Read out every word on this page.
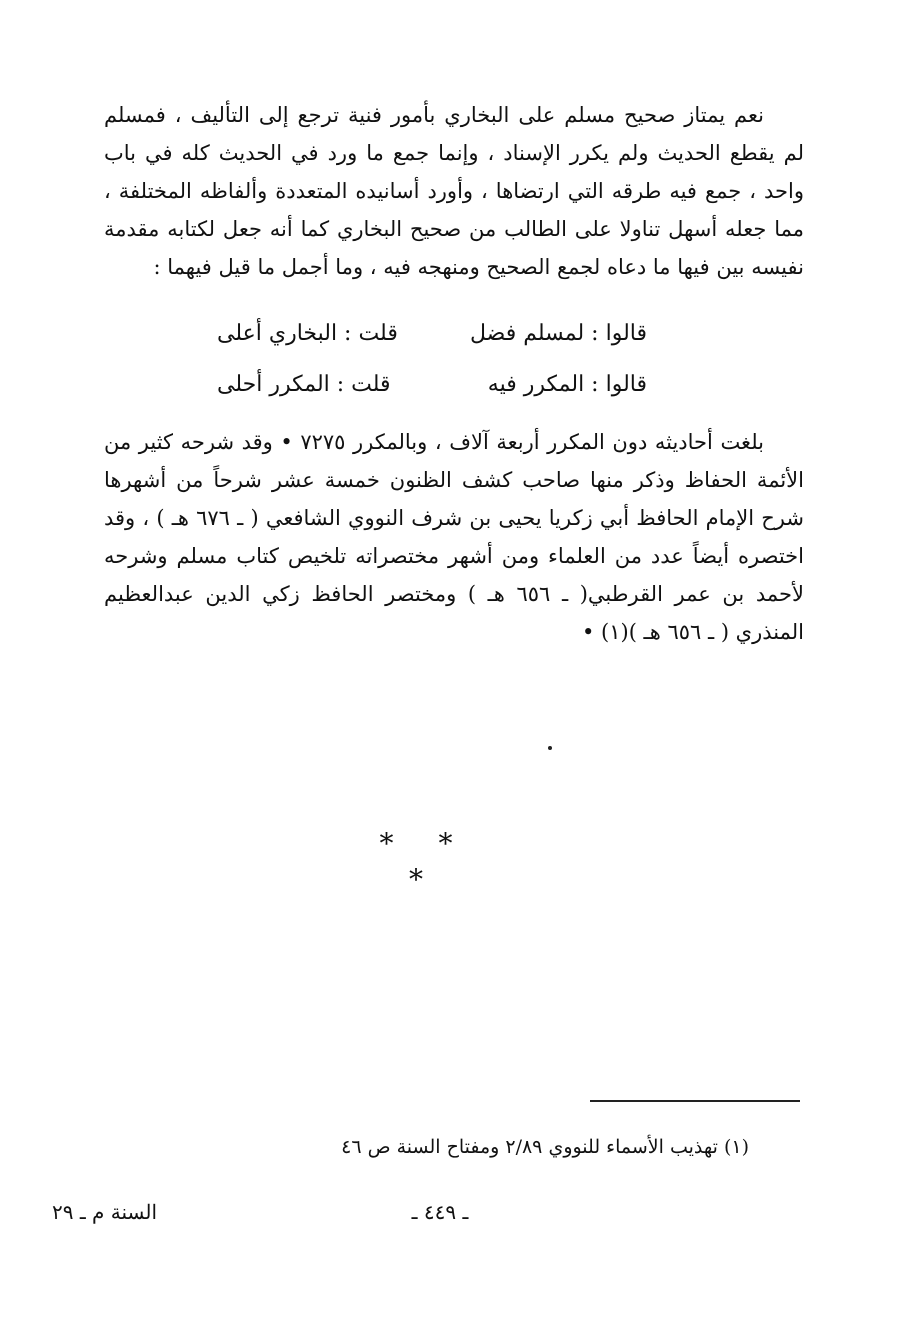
نعم يمتاز صحيح مسلم على البخاري بأمور فنية ترجع إلى التأليف ، فمسلم لم يقطع الحديث ولم يكرر الإسناد ، وإنما جمع ما ورد في الحديث كله في باب واحد ، جمع فيه طرقه التي ارتضاها ، وأورد أسانيده المتعددة وألفاظه المختلفة ، مما جعله أسهل تناولا على الطالب من صحيح البخاري كما أنه جعل لكتابه مقدمة نفيسه بين فيها ما دعاه لجمع الصحيح ومنهجه فيه ، وما أجمل ما قيل فيهما :

قالوا : لمسلم فضل
قلت : البخاري أعلى
قالوا : المكرر فيه
قلت : المكرر أحلى

بلغت أحاديثه دون المكرر أربعة آلاف ، وبالمكرر ٧٢٧٥ • وقد شرحه كثير من الأئمة الحفاظ وذكر منها صاحب كشف الظنون خمسة عشر شرحاً من أشهرها شرح الإمام الحافظ أبي زكريا يحيى بن شرف النووي الشافعي ( ـ ٦٧٦ هـ ) ، وقد اختصره أيضاً عدد من العلماء ومن أشهر مختصراته تلخيص كتاب مسلم وشرحه لأحمد بن عمر القرطبي( ـ ٦٥٦ هـ ) ومختصر الحافظ زكي الدين عبدالعظيم المنذري ( ـ ٦٥٦ هـ )(١) •

* * *
(١) تهذيب الأسماء للنووي ٢/٨٩ ومفتاح السنة ص ٤٦
ـ ٤٤٩ ـ
السنة م ـ ٢٩
